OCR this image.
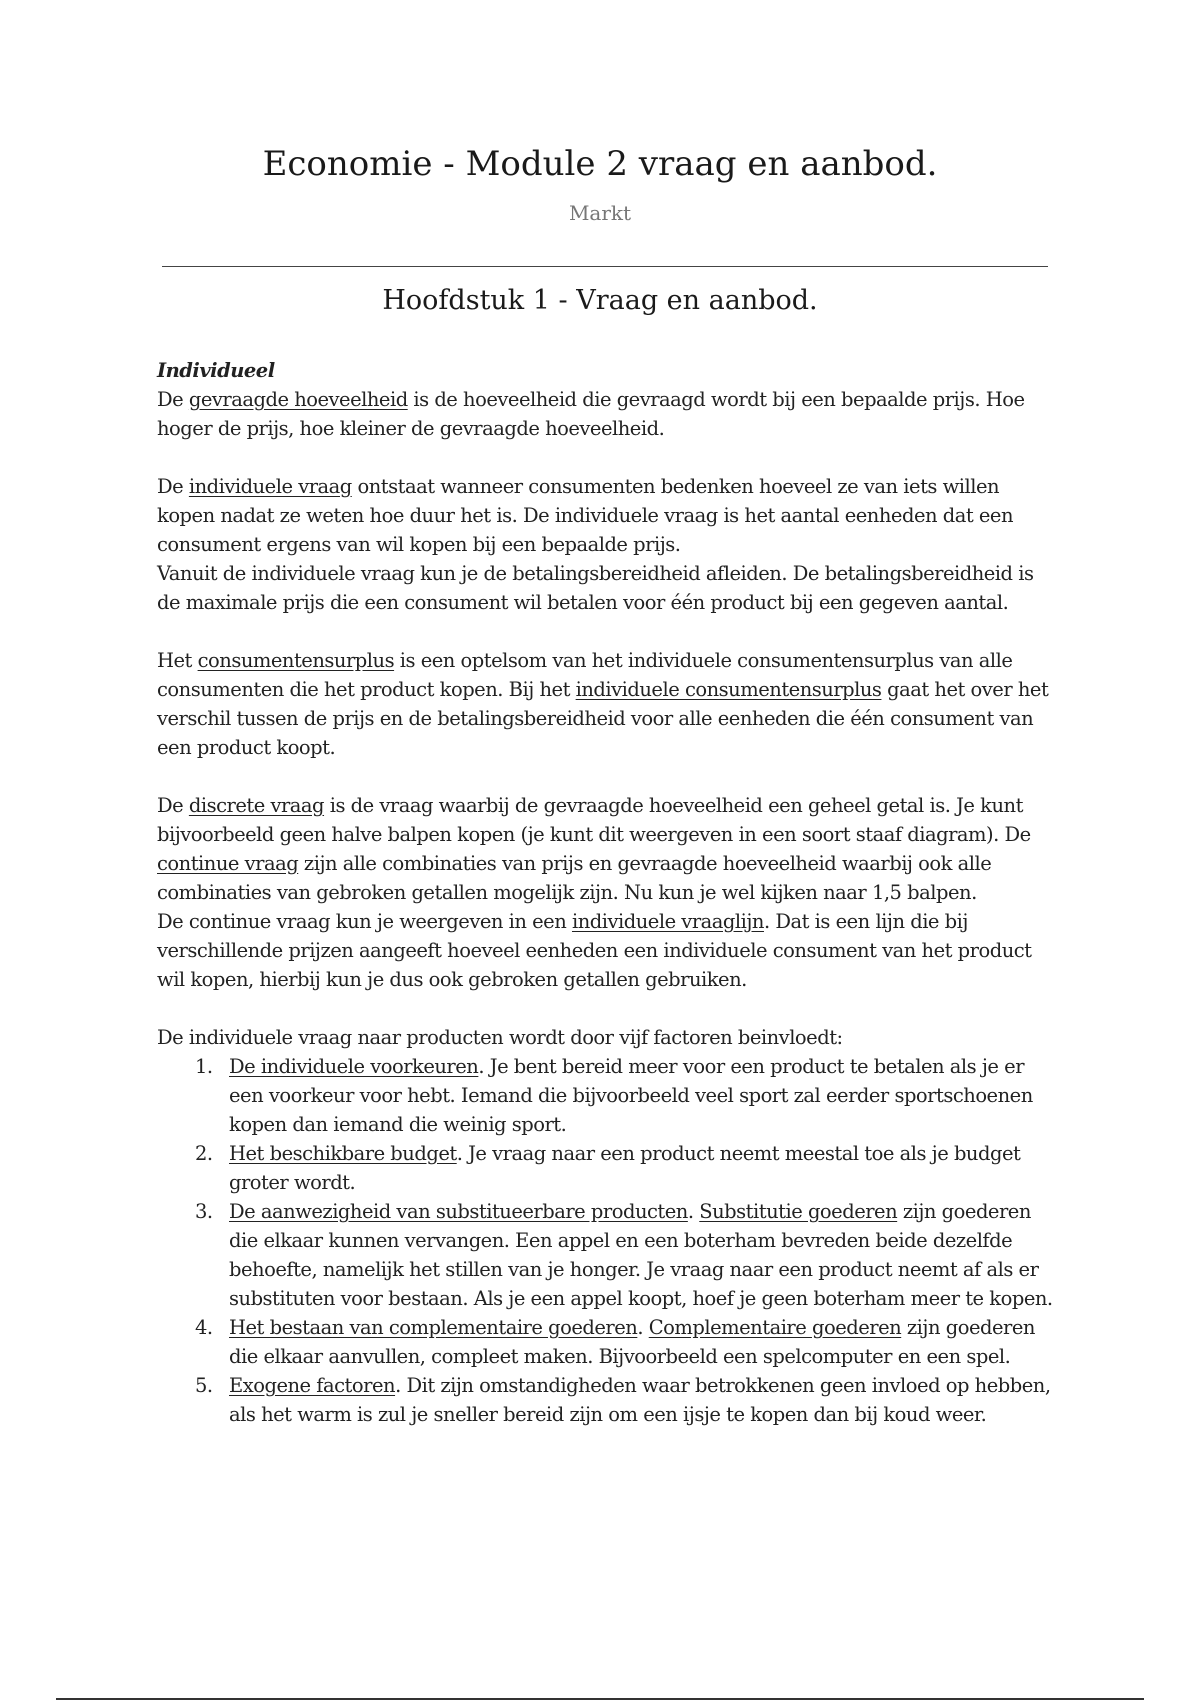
Economie - Module 2 vraag en aanbod.
Markt
Hoofdstuk 1 - Vraag en aanbod.

Individueel

De gevraagde hoeveelheid is de hoeveelheid die gevraagd wordt bij een bepaalde prijs. Hoe hoger de prijs, hoe kleiner de gevraagde hoeveelheid.

De individuele vraag ontstaat wanneer consumenten bedenken hoeveel ze van iets willen kopen nadat ze weten hoe duur het is. De individuele vraag is het aantal eenheden dat een consument ergens van wil kopen bij een bepaalde prijs.

Vanuit de individuele vraag kun je de betalingsbereidheid afleiden. De betalingsbereidheid is de maximale prijs die een consument wil betalen voor één product bij een gegeven aantal.

Het consumentensurplus is een optelsom van het individuele consumentensurplus van alle consumenten die het product kopen. Bij het individuele consumentensurplus gaat het over het verschil tussen de prijs en de betalingsbereidheid voor alle eenheden die één consument van een product koopt.

De discrete vraag is de vraag waarbij de gevraagde hoeveelheid een geheel getal is. Je kunt bijvoorbeeld geen halve balpen kopen (je kunt dit weergeven in een soort staaf diagram). De continue vraag zijn alle combinaties van prijs en gevraagde hoeveelheid waarbij ook alle combinaties van gebroken getallen mogelijk zijn. Nu kun je wel kijken naar 1,5 balpen.

De continue vraag kun je weergeven in een individuele vraaglijn. Dat is een lijn die bij verschillende prijzen aangeeft hoeveel eenheden een individuele consument van het product wil kopen, hierbij kun je dus ook gebroken getallen gebruiken.

De individuele vraag naar producten wordt door vijf factoren beinvloedt:

1. De individuele voorkeuren. Je bent bereid meer voor een product te betalen als je er een voorkeur voor hebt. Iemand die bijvoorbeeld veel sport zal eerder sportschoenen kopen dan iemand die weinig sport.
2. Het beschikbare budget. Je vraag naar een product neemt meestal toe als je budget groter wordt.
3. De aanwezigheid van substitueerbare producten. Substitutie goederen zijn goederen die elkaar kunnen vervangen. Een appel en een boterham bevreden beide dezelfde behoefte, namelijk het stillen van je honger. Je vraag naar een product neemt af als er substituten voor bestaan. Als je een appel koopt, hoef je geen boterham meer te kopen.
4. Het bestaan van complementaire goederen. Complementaire goederen zijn goederen die elkaar aanvullen, compleet maken. Bijvoorbeeld een spelcomputer en een spel.
5. Exogene factoren. Dit zijn omstandigheden waar betrokkenen geen invloed op hebben, als het warm is zul je sneller bereid zijn om een ijsje te kopen dan bij koud weer.
